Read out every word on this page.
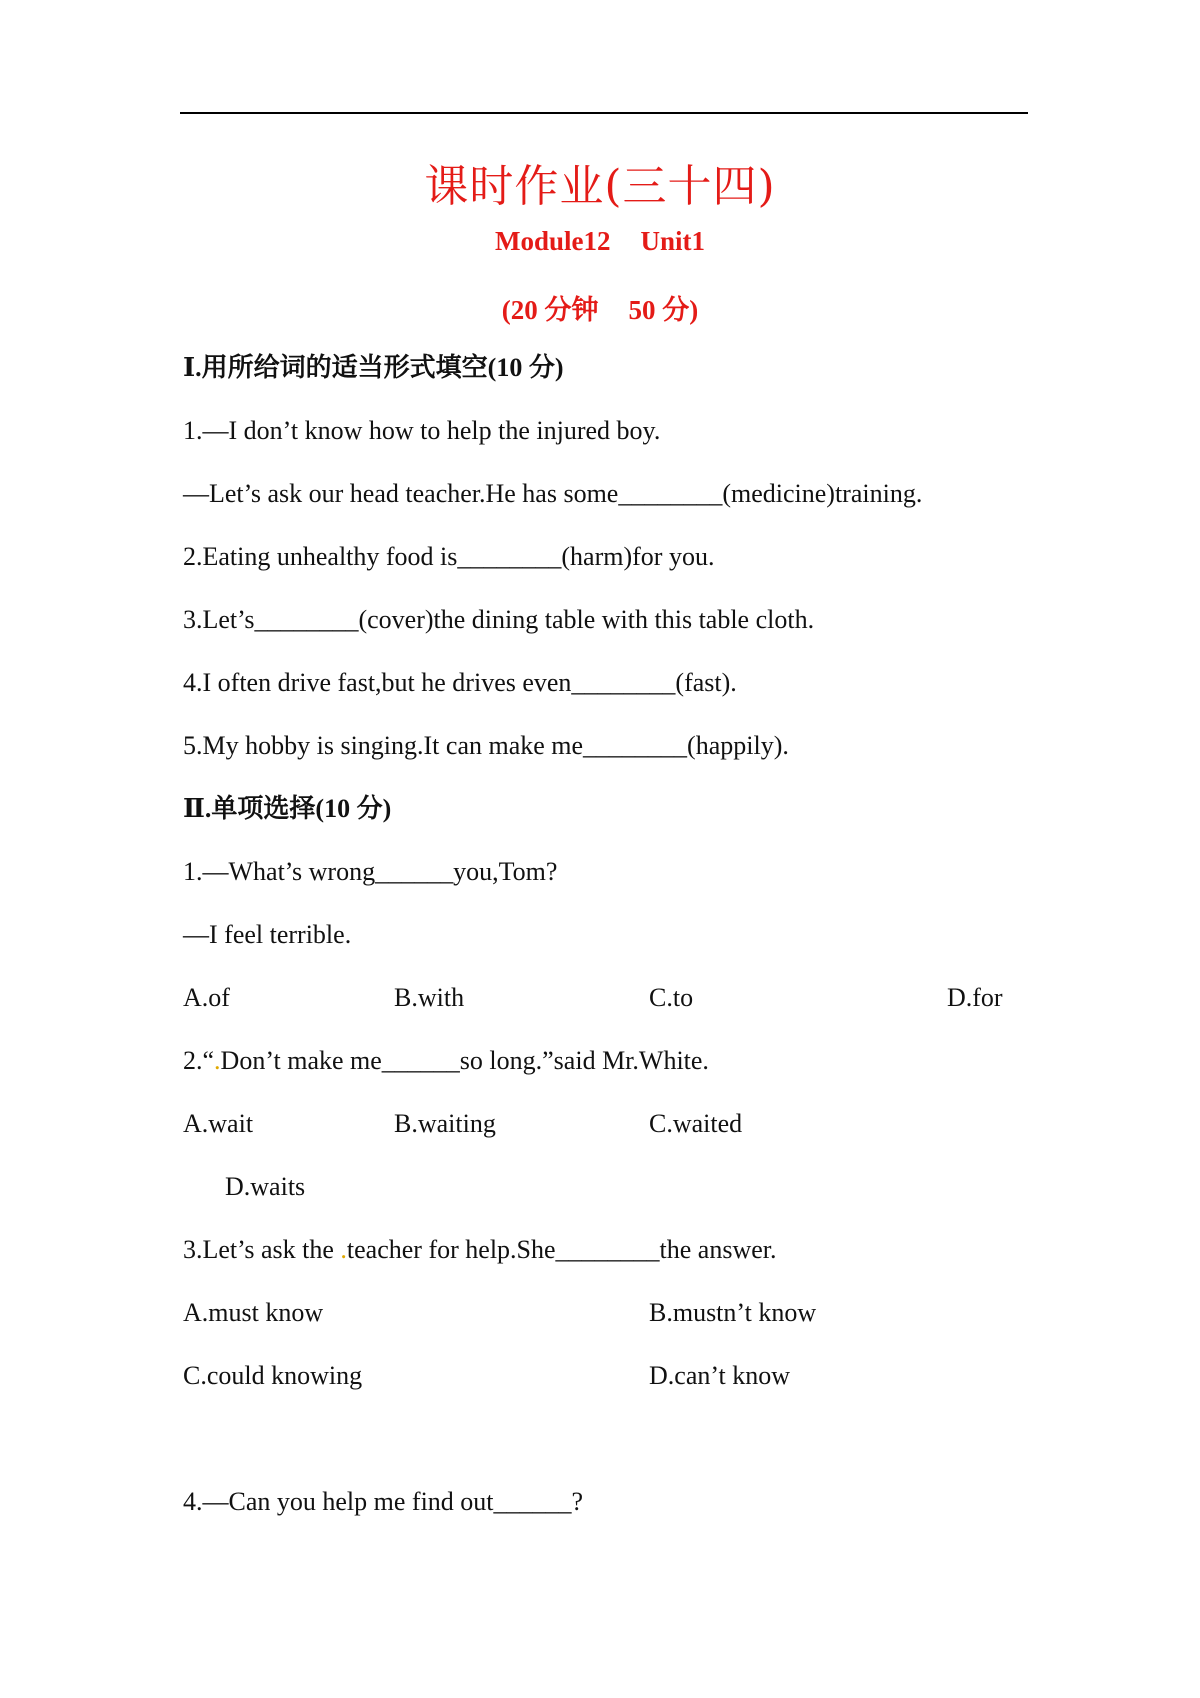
课时作业(三十四)
Module12 Unit1
(20 分钟 50 分)
Ⅰ.用所给词的适当形式填空(10 分)
1.—I don’t know how to help the injured boy.
—Let’s ask our head teacher.He has some________(medicine)training.
2.Eating unhealthy food is________(harm)for you.
3.Let’s________(cover)the dining table with this table cloth.
4.I often drive fast,but he drives even________(fast).
5.My hobby is singing.It can make me________(happily).
Ⅱ.单项选择(10 分)
1.—What’s wrong______you,Tom?
—I feel terrible.
A.of	B.with	C.to	D.for
2.“.Don’t make me______so long.”said Mr.White.
A.wait	B.waiting	C.waited
D.waits
3.Let’s ask the .teacher for help.She________the answer.
A.must know	B.mustn’t know
C.could knowing	D.can’t know
4.—Can you help me find out______?
